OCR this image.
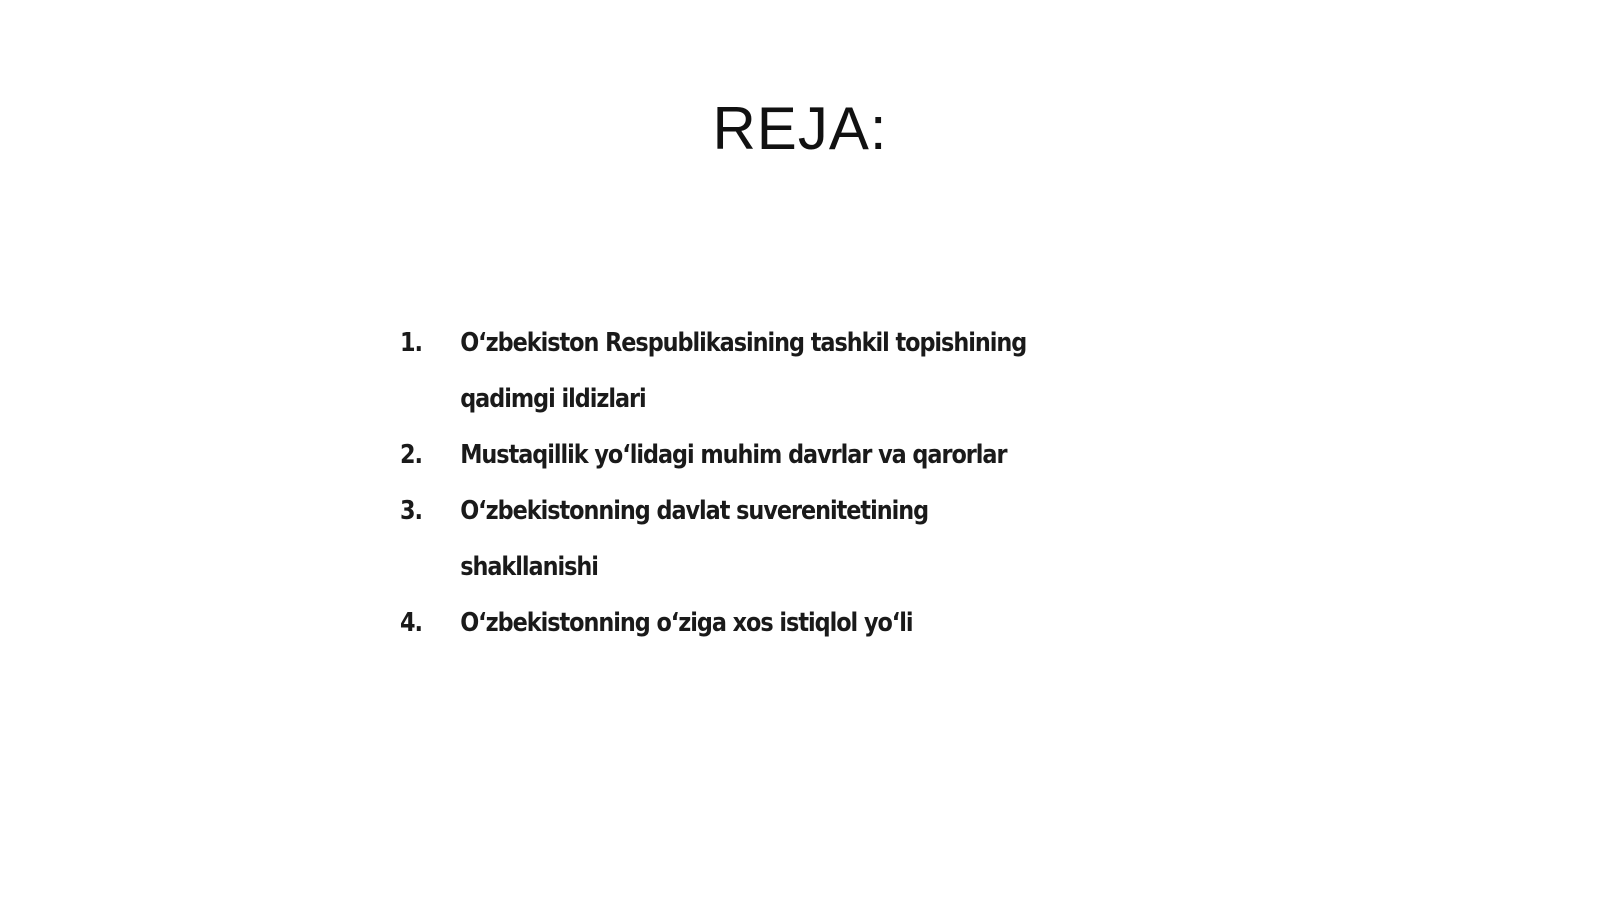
REJA:
1.	O‘zbekiston Respublikasining tashkil topishining qadimgi ildizlari
2.	Mustaqillik yo‘lidagi muhim davrlar va qarorlar
3.	O‘zbekistonning davlat suverenitetining shakllanishi
4.	O‘zbekistonning o‘ziga xos istiqlol yo‘li
